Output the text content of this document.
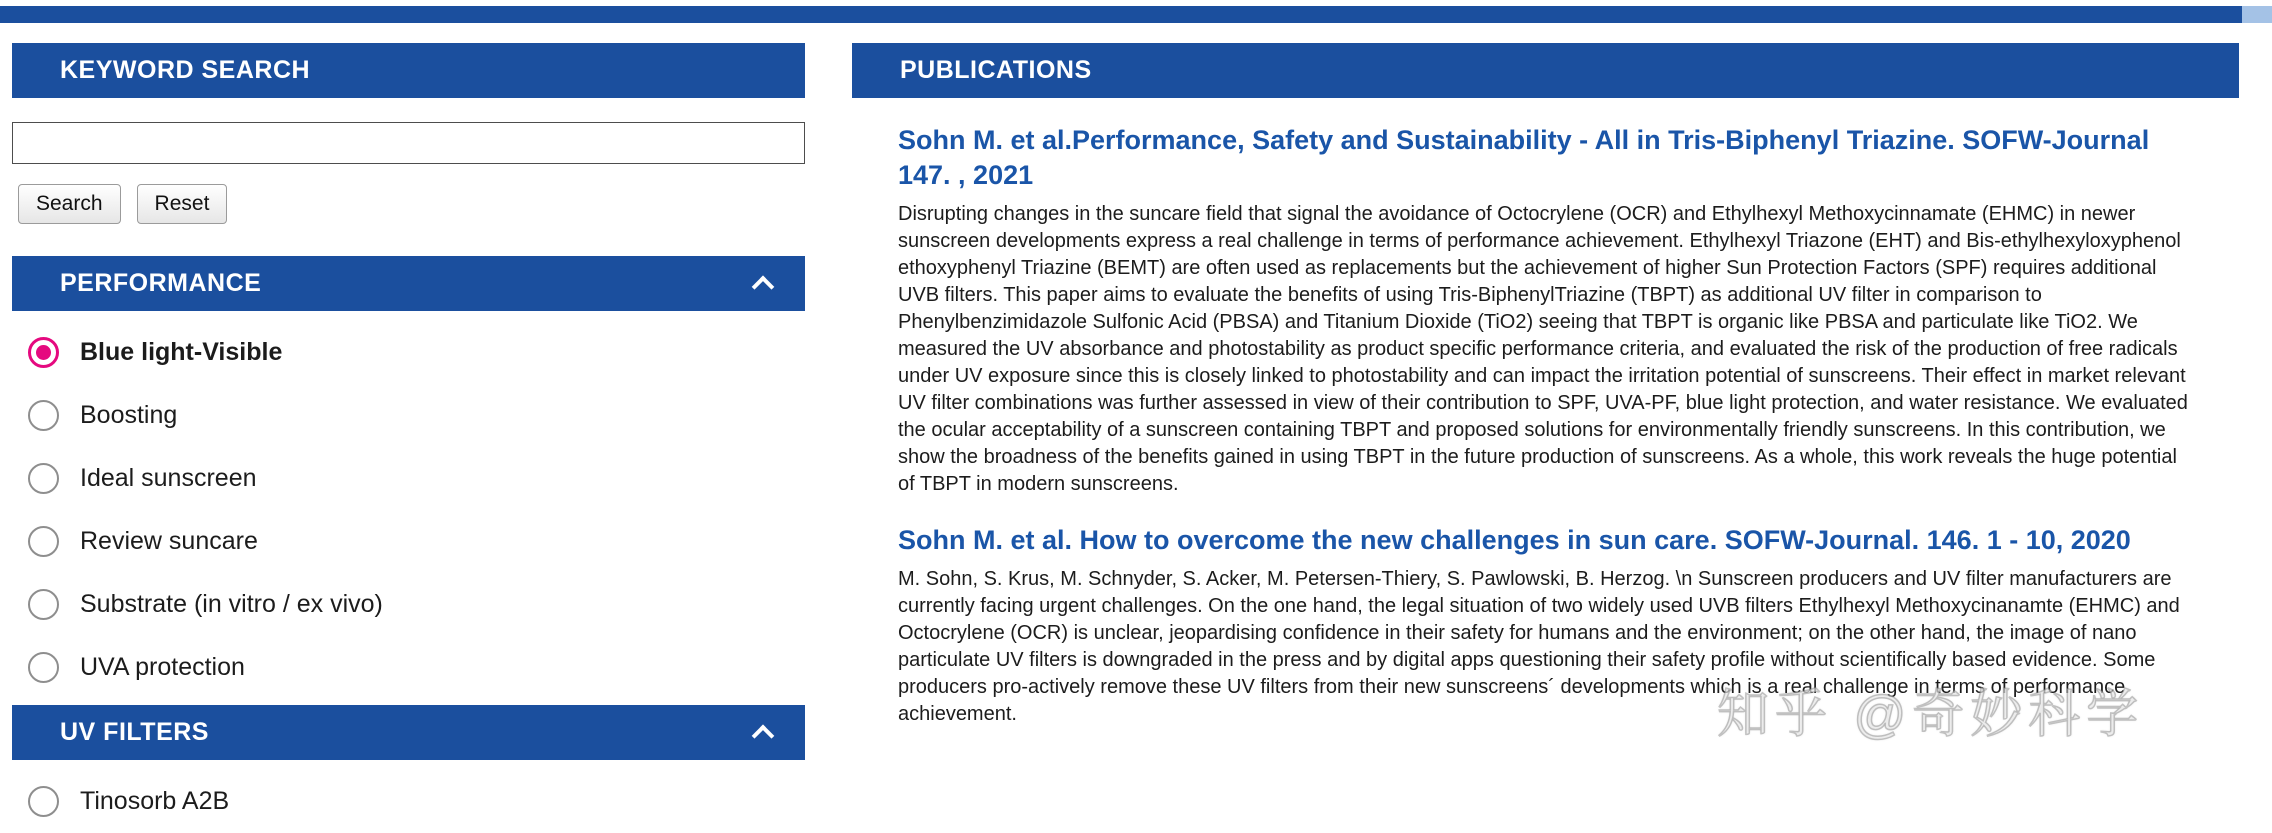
KEYWORD SEARCH
Search	Reset
PERFORMANCE
Blue light-Visible
Boosting
Ideal sunscreen
Review suncare
Substrate (in vitro / ex vivo)
UVA protection
UV FILTERS
Tinosorb A2B
PUBLICATIONS
Sohn M. et al.Performance, Safety and Sustainability - All in Tris-Biphenyl Triazine. SOFW-Journal 147. , 2021
Disrupting changes in the suncare field that signal the avoidance of Octocrylene (OCR) and Ethylhexyl Methoxycinnamate (EHMC) in newer sunscreen developments express a real challenge in terms of performance achievement. Ethylhexyl Triazone (EHT) and Bis-ethylhexyloxyphenol ethoxyphenyl Triazine (BEMT) are often used as replacements but the achievement of higher Sun Protection Factors (SPF) requires additional UVB filters. This paper aims to evaluate the benefits of using Tris-BiphenylTriazine (TBPT) as additional UV filter in comparison to Phenylbenzimidazole Sulfonic Acid (PBSA) and Titanium Dioxide (TiO2) seeing that TBPT is organic like PBSA and particulate like TiO2. We measured the UV absorbance and photostability as product specific performance criteria, and evaluated the risk of the production of free radicals under UV exposure since this is closely linked to photostability and can impact the irritation potential of sunscreens. Their effect in market relevant UV filter combinations was further assessed in view of their contribution to SPF, UVA-PF, blue light protection, and water resistance. We evaluated the ocular acceptability of a sunscreen containing TBPT and proposed solutions for environmentally friendly sunscreens. In this contribution, we show the broadness of the benefits gained in using TBPT in the future production of sunscreens. As a whole, this work reveals the huge potential of TBPT in modern sunscreens.
Sohn M. et al. How to overcome the new challenges in sun care. SOFW-Journal. 146. 1 - 10, 2020
M. Sohn, S. Krus, M. Schnyder, S. Acker, M. Petersen-Thiery, S. Pawlowski, B. Herzog. \n Sunscreen producers and UV filter manufacturers are currently facing urgent challenges. On the one hand, the legal situation of two widely used UVB filters Ethylhexyl Methoxycinanamte (EHMC) and Octocrylene (OCR) is unclear, jeopardising confidence in their safety for humans and the environment; on the other hand, the image of nano particulate UV filters is downgraded in the press and by digital apps questioning their safety profile without scientifically based evidence. Some producers pro-actively remove these UV filters from their new sunscreens´ developments which is a real challenge in terms of performance achievement.	知乎 @奇妙科学
